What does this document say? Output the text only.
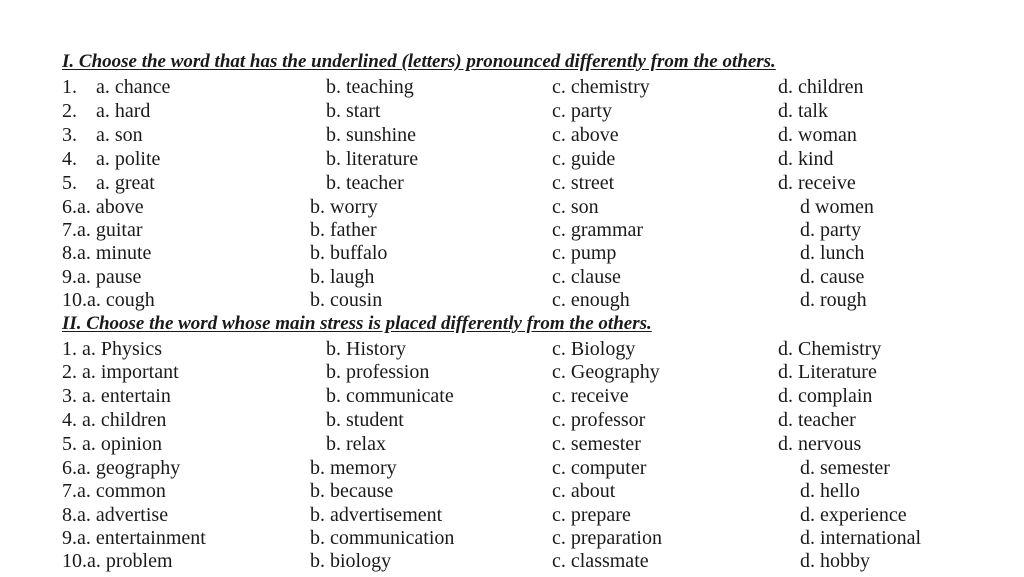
I. Choose the word that has the underlined (letters) pronounced differently from the others.
1. a. chance	b. teaching	c. chemistry	d. children
2. a. hard	b. start	c. party	d. talk
3. a. son	b. sunshine	c. above	d. woman
4. a. polite	b. literature	c. guide	d. kind
5. a. great	b. teacher	c. street	d. receive
6.a. above	b. worry	c. son	d women
7.a. guitar	b. father	c. grammar	d. party
8.a. minute	b. buffalo	c. pump	d. lunch
9.a. pause	b. laugh	c. clause	d. cause
10.a. cough	b. cousin	c. enough	d. rough
II. Choose the word whose main stress is placed differently from the others.
1. a. Physics	b. History	c. Biology	d. Chemistry
2. a. important	b. profession	c. Geography	d. Literature
3. a. entertain	b. communicate	c. receive	d. complain
4. a. children	b. student	c. professor	d. teacher
5. a. opinion	b. relax	c. semester	d. nervous
6.a. geography	b. memory	c. computer	d. semester
7.a. common	b. because	c. about	d. hello
8.a. advertise	b. advertisement	c. prepare	d. experience
9.a. entertainment	b. communication	c. preparation	d. international
10.a. problem	b. biology	c. classmate	d. hobby
